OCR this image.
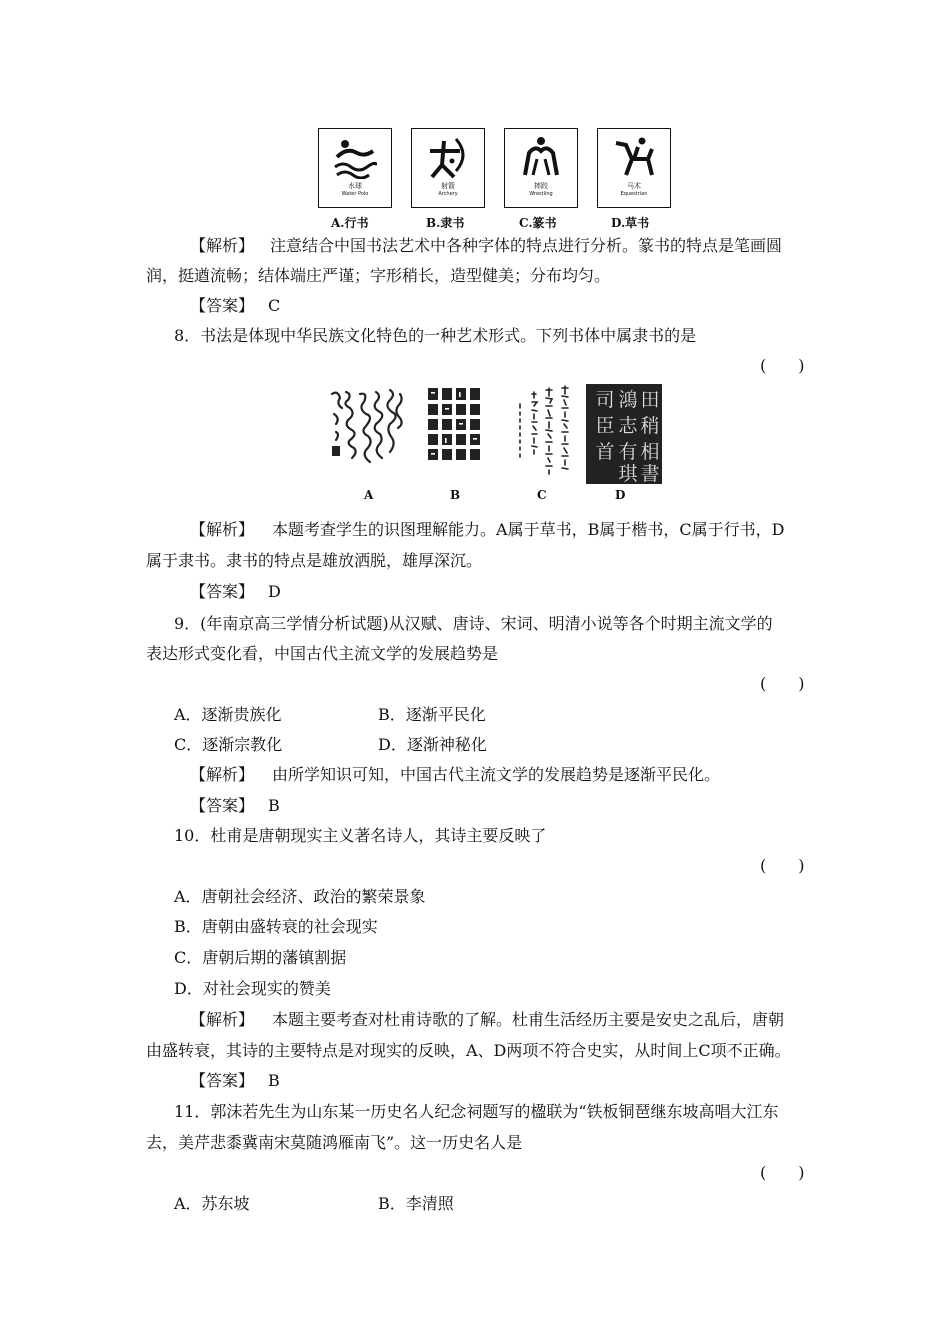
水球
Water Polo
射箭
Archery
摔跤
Wrestling
马术
Equestrian
A.行书	B.隶书	C.篆书	D.草书
【解析】 注意结合中国书法艺术中各种字体的特点进行分析。篆书的特点是笔画圆
润，挺遒流畅；结体端庄严谨；字形稍长，造型健美；分布均匀。
【答案】 C
8．书法是体现中华民族文化特色的一种艺术形式。下列书体中属隶书的是
(　　)
司 鴻 田
臣 志 稍
首 有 相
琪 書
A	B	C	D
【解析】 本题考查学生的识图理解能力。A属于草书，B属于楷书，C属于行书，D
属于隶书。隶书的特点是雄放洒脱，雄厚深沉。
【答案】 D
9．(年南京高三学情分析试题)从汉赋、唐诗、宋词、明清小说等各个时期主流文学的
表达形式变化看，中国古代主流文学的发展趋势是
(　　)
A．逐渐贵族化	B．逐渐平民化
C．逐渐宗教化	D．逐渐神秘化
【解析】 由所学知识可知，中国古代主流文学的发展趋势是逐渐平民化。
【答案】 B
10．杜甫是唐朝现实主义著名诗人，其诗主要反映了
(　　)
A．唐朝社会经济、政治的繁荣景象
B．唐朝由盛转衰的社会现实
C．唐朝后期的藩镇割据
D．对社会现实的赞美
【解析】 本题主要考查对杜甫诗歌的了解。杜甫生活经历主要是安史之乱后，唐朝
由盛转衰，其诗的主要特点是对现实的反映，A、D两项不符合史实，从时间上C项不正确。
【答案】 B
11．郭沫若先生为山东某一历史名人纪念祠题写的楹联为“铁板铜琶继东坡高唱大江东
去，美芹悲黍冀南宋莫随鸿雁南飞”。这一历史名人是
(　　)
A．苏东坡	B．李清照
